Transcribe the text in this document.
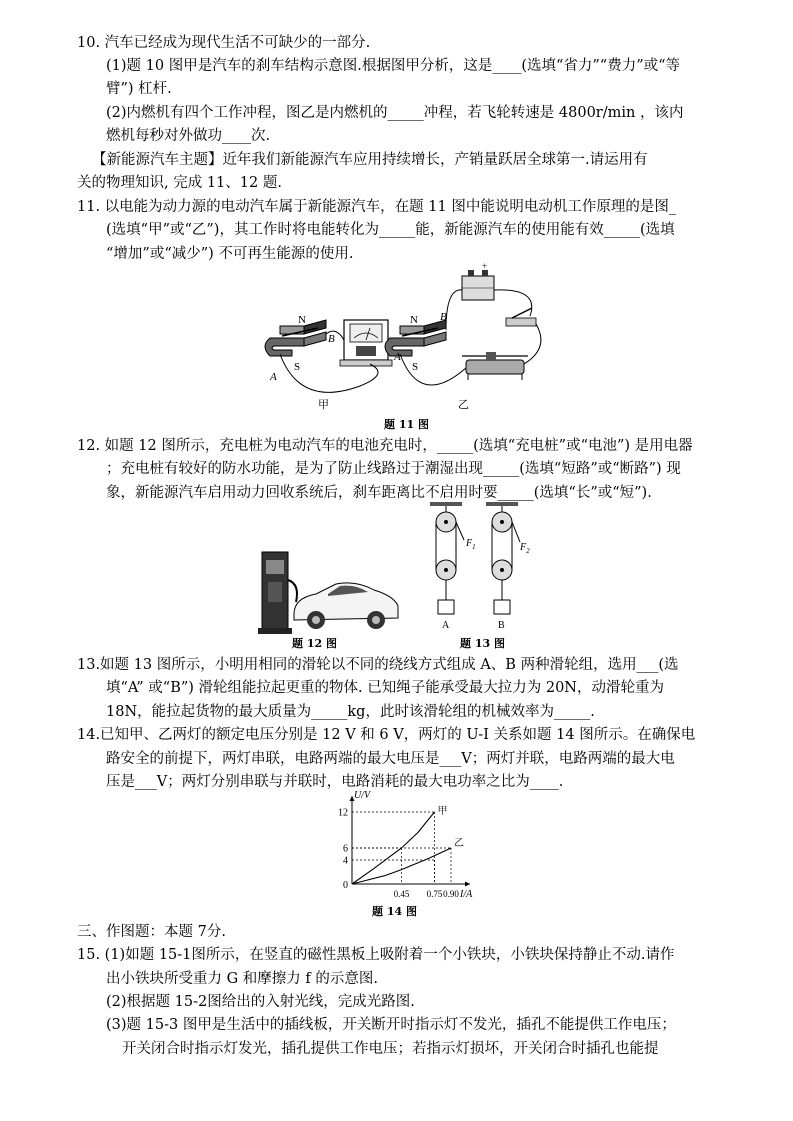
10. 汽车已经成为现代生活不可缺少的一部分.
(1)题 10 图甲是汽车的刹车结构示意图.根据图甲分析，这是____(选填“省力”“费力”或“等
臂”) 杠杆.
(2)内燃机有四个工作冲程，图乙是内燃机的_____冲程，若飞轮转速是 4800r/min ，该内
燃机每秒对外做功____次.
【新能源汽车主题】近年我们新能源汽车应用持续增长，产销量跃居全球第一.请运用有
关的物理知识, 完成 11、12 题.
11. 以电能为动力源的电动汽车属于新能源汽车，在题 11 图中能说明电动机工作原理的是图_
(选填“甲”或“乙”)，其工作时将电能转化为_____能，新能源汽车的使用能有效_____(选填
“增加”或“减少”) 不可再生能源的使用.
N
S
A
B
甲
N
S
A
B
+
乙
题 11 图
12. 如题 12 图所示，充电桩为电动汽车的电池充电时，_____(选填“充电桩”或“电池”) 是用电器
；充电桩有较好的防水功能，是为了防止线路过于潮湿出现_____(选填“短路”或“断路”) 现
象，新能源汽车启用动力回收系统后，刹车距离比不启用时要_____(选填“长”或“短”).
题 12 图
$F_1$
A
$F_2$
B
题 13 图
13.如题 13 图所示，小明用相同的滑轮以不同的绕线方式组成 A、B 两种滑轮组，选用___(选
填“A” 或“B”) 滑轮组能拉起更重的物体. 已知绳子能承受最大拉力为 20N，动滑轮重为
18N，能拉起货物的最大质量为_____kg，此时该滑轮组的机械效率为_____.
14.已知甲、乙两灯的额定电压分别是 12 V 和 6 V，两灯的 U-I 关系如题 14 图所示。在确保电
路安全的前提下，两灯串联，电路两端的最大电压是___V；两灯并联，电路两端的最大电
压是___V；两灯分别串联与并联时，电路消耗的最大电功率之比为____.
U/V
I/A
0
12
6
4
0.45 0.75 0.90
甲
乙
题 14 图
三、作图题：本题 7分.
15. (1)如题 15-1图所示，在竖直的磁性黑板上吸附着一个小铁块，小铁块保持静止不动.请作
出小铁块所受重力 G 和摩擦力 f 的示意图.
(2)根据题 15-2图给出的入射光线，完成光路图.
(3)题 15-3 图甲是生活中的插线板，开关断开时指示灯不发光，插孔不能提供工作电压；
开关闭合时指示灯发光，插孔提供工作电压；若指示灯损坏，开关闭合时插孔也能提
